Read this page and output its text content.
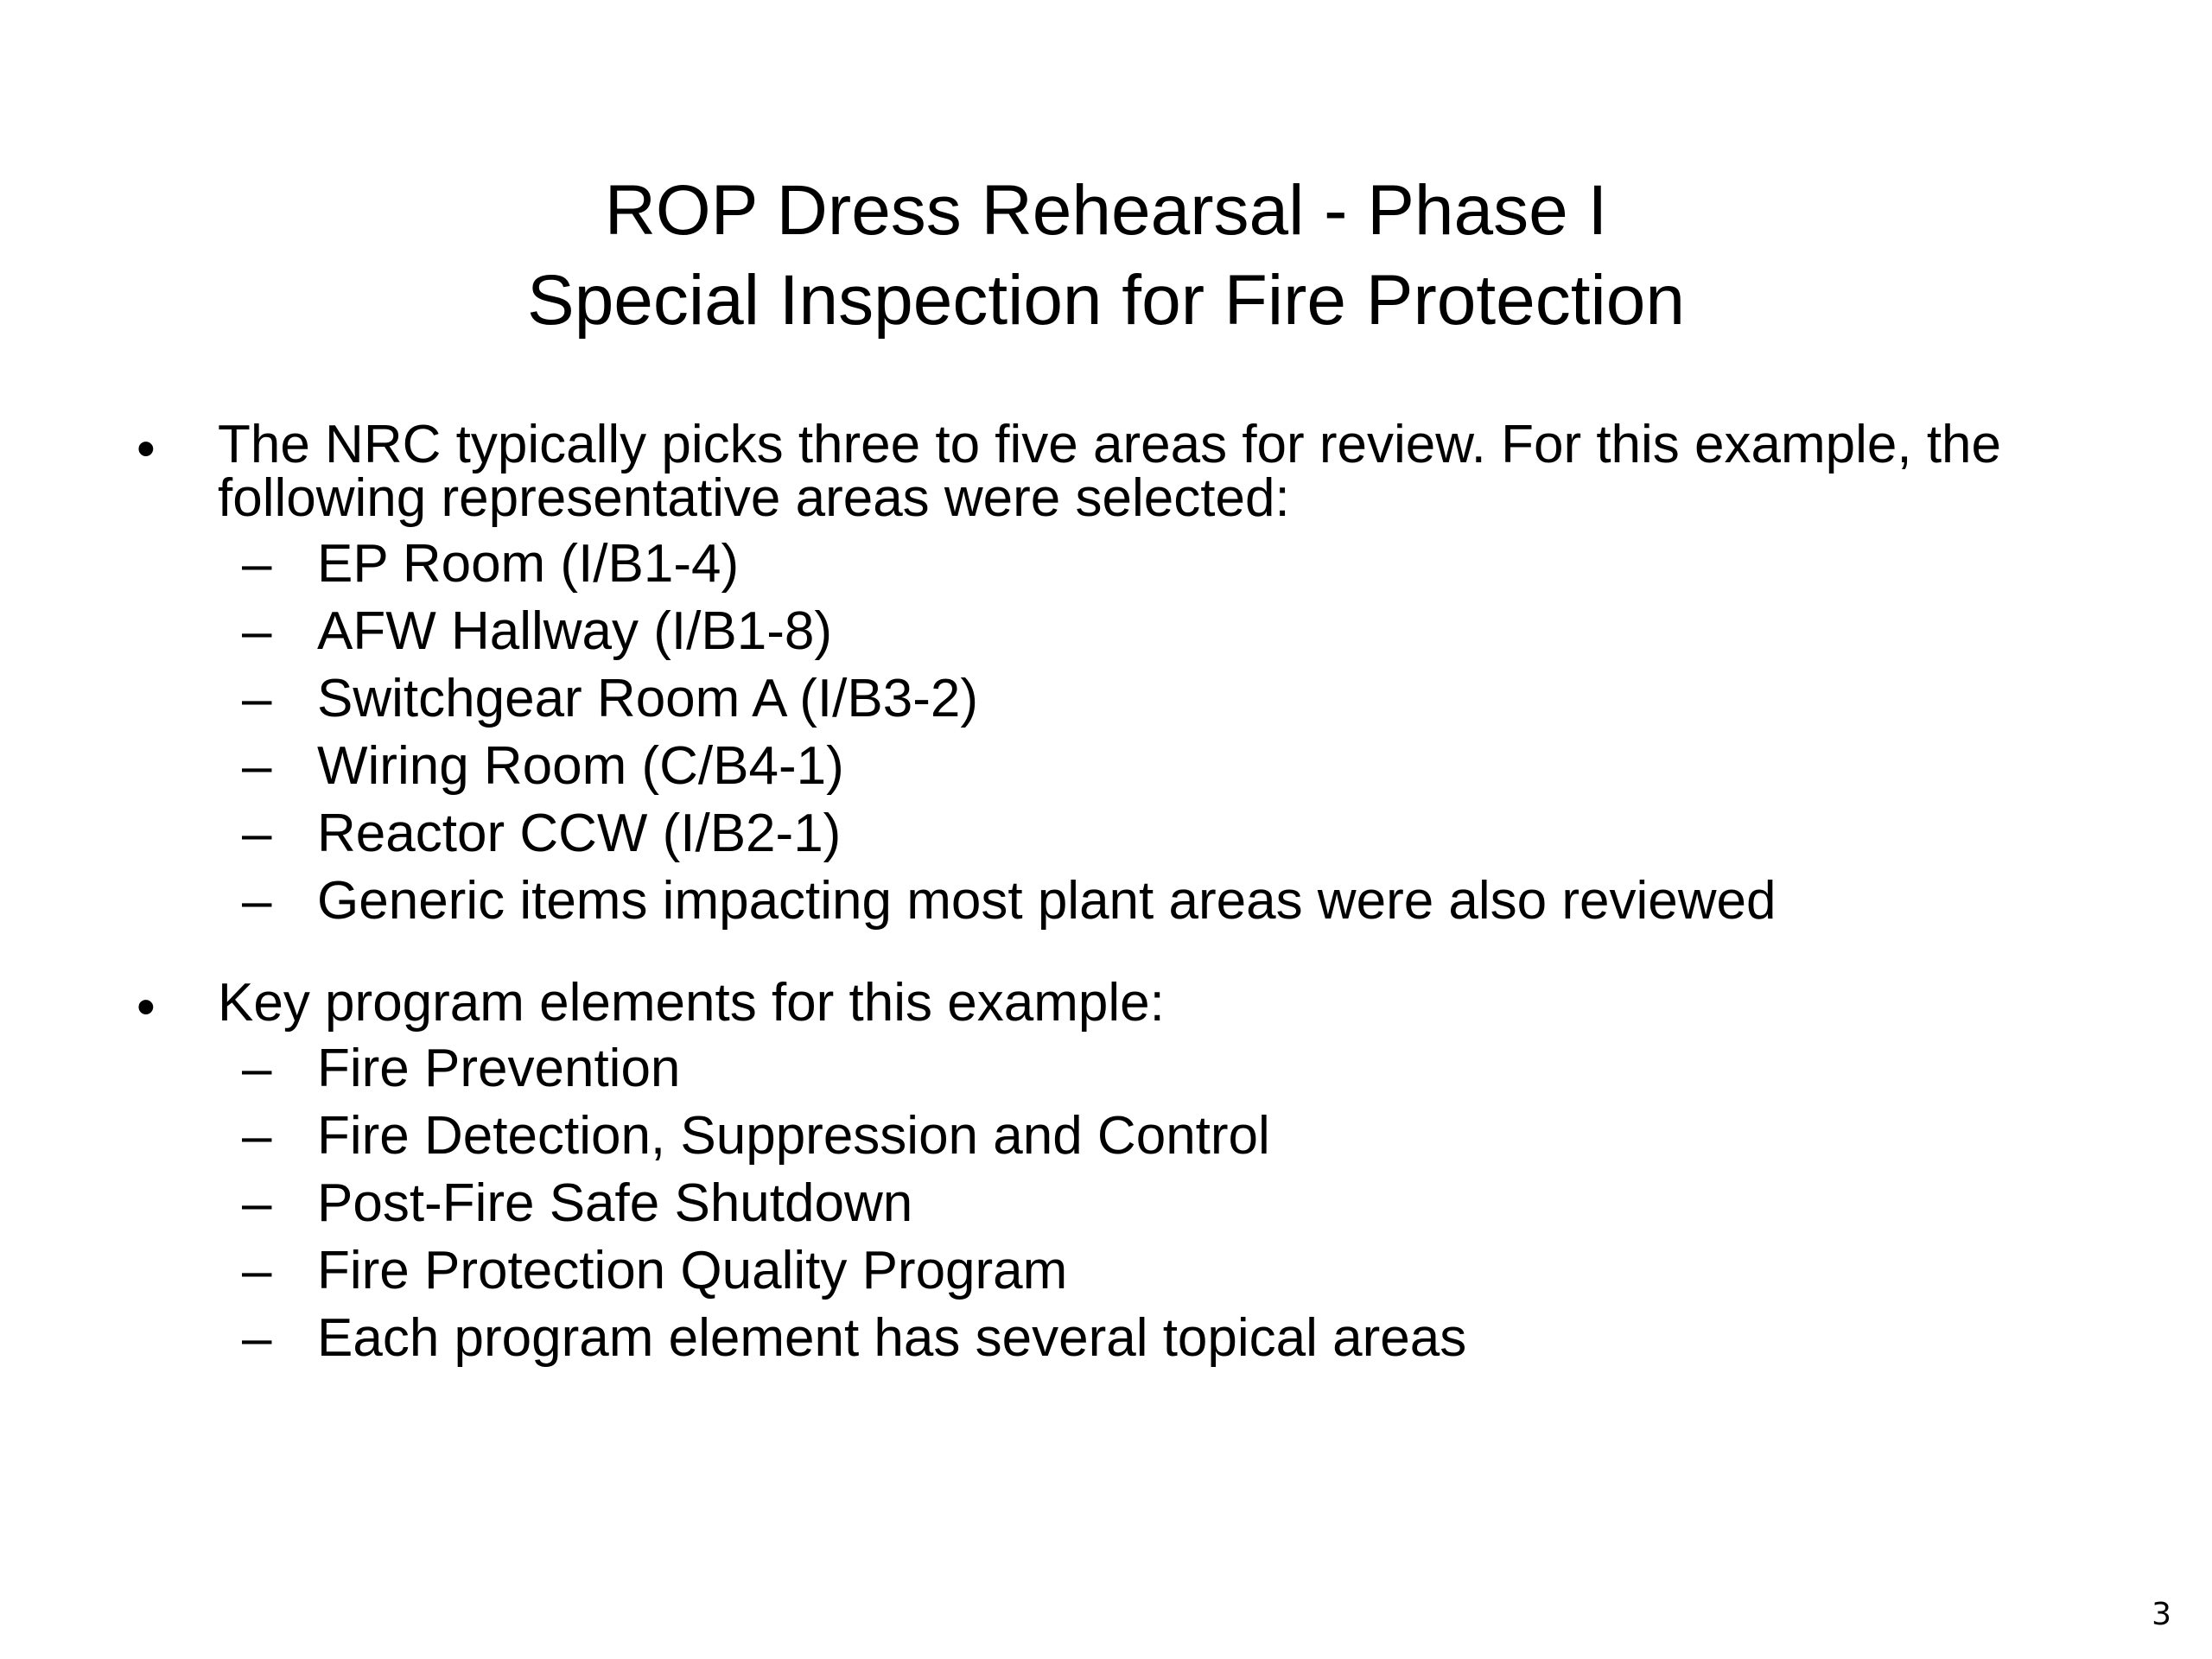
ROP Dress Rehearsal - Phase I
Special Inspection for Fire Protection
• The NRC typically picks three to five areas for review. For this example, the
following representative areas were selected:
– EP Room (I/B1-4)
– AFW Hallway (I/B1-8)
– Switchgear Room A (I/B3-2)
– Wiring Room (C/B4-1)
– Reactor CCW (I/B2-1)
– Generic items impacting most plant areas were also reviewed
• Key program elements for this example:
– Fire Prevention
– Fire Detection, Suppression and Control
– Post-Fire Safe Shutdown
– Fire Protection Quality Program
– Each program element has several topical areas
3
